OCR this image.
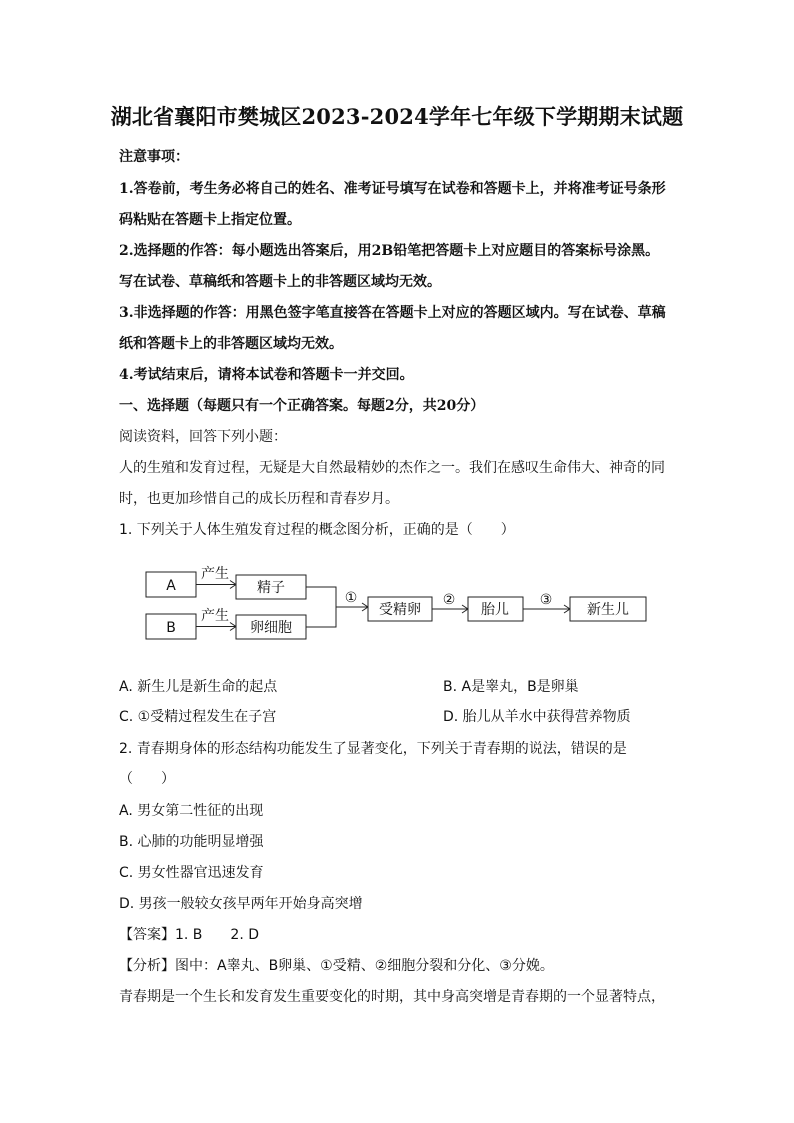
湖北省襄阳市樊城区2023-2024学年七年级下学期期末试题
注意事项：
1.答卷前，考生务必将自己的姓名、准考证号填写在试卷和答题卡上，并将准考证号条形
码粘贴在答题卡上指定位置。
2.选择题的作答：每小题选出答案后，用2B铅笔把答题卡上对应题目的答案标号涂黑。
写在试卷、草稿纸和答题卡上的非答题区域均无效。
3.非选择题的作答：用黑色签字笔直接答在答题卡上对应的答题区域内。写在试卷、草稿
纸和答题卡上的非答题区域均无效。
4.考试结束后，请将本试卷和答题卡一并交回。
一、选择题（每题只有一个正确答案。每题2分，共20分）
阅读资料，回答下列小题：
人的生殖和发育过程，无疑是大自然最精妙的杰作之一。我们在感叹生命伟大、神奇的同
时，也更加珍惜自己的成长历程和青春岁月。
1. 下列关于人体生殖发育过程的概念图分析，正确的是（　　）
A
B
产生
产生
精子
卵细胞
①
受精卵
②
胎儿
③
新生儿
A. 新生儿是新生命的起点	B. A是睾丸，B是卵巢
C. ①受精过程发生在子宫	D. 胎儿从羊水中获得营养物质
2. 青春期身体的形态结构功能发生了显著变化，下列关于青春期的说法，错误的是
（　　）
A. 男女第二性征的出现
B. 心肺的功能明显增强
C. 男女性器官迅速发育
D. 男孩一般较女孩早两年开始身高突增
【答案】1. B　　2. D
【分析】图中：A睾丸、B卵巢、①受精、②细胞分裂和分化、③分娩。
青春期是一个生长和发育发生重要变化的时期，其中身高突增是青春期的一个显著特点，
